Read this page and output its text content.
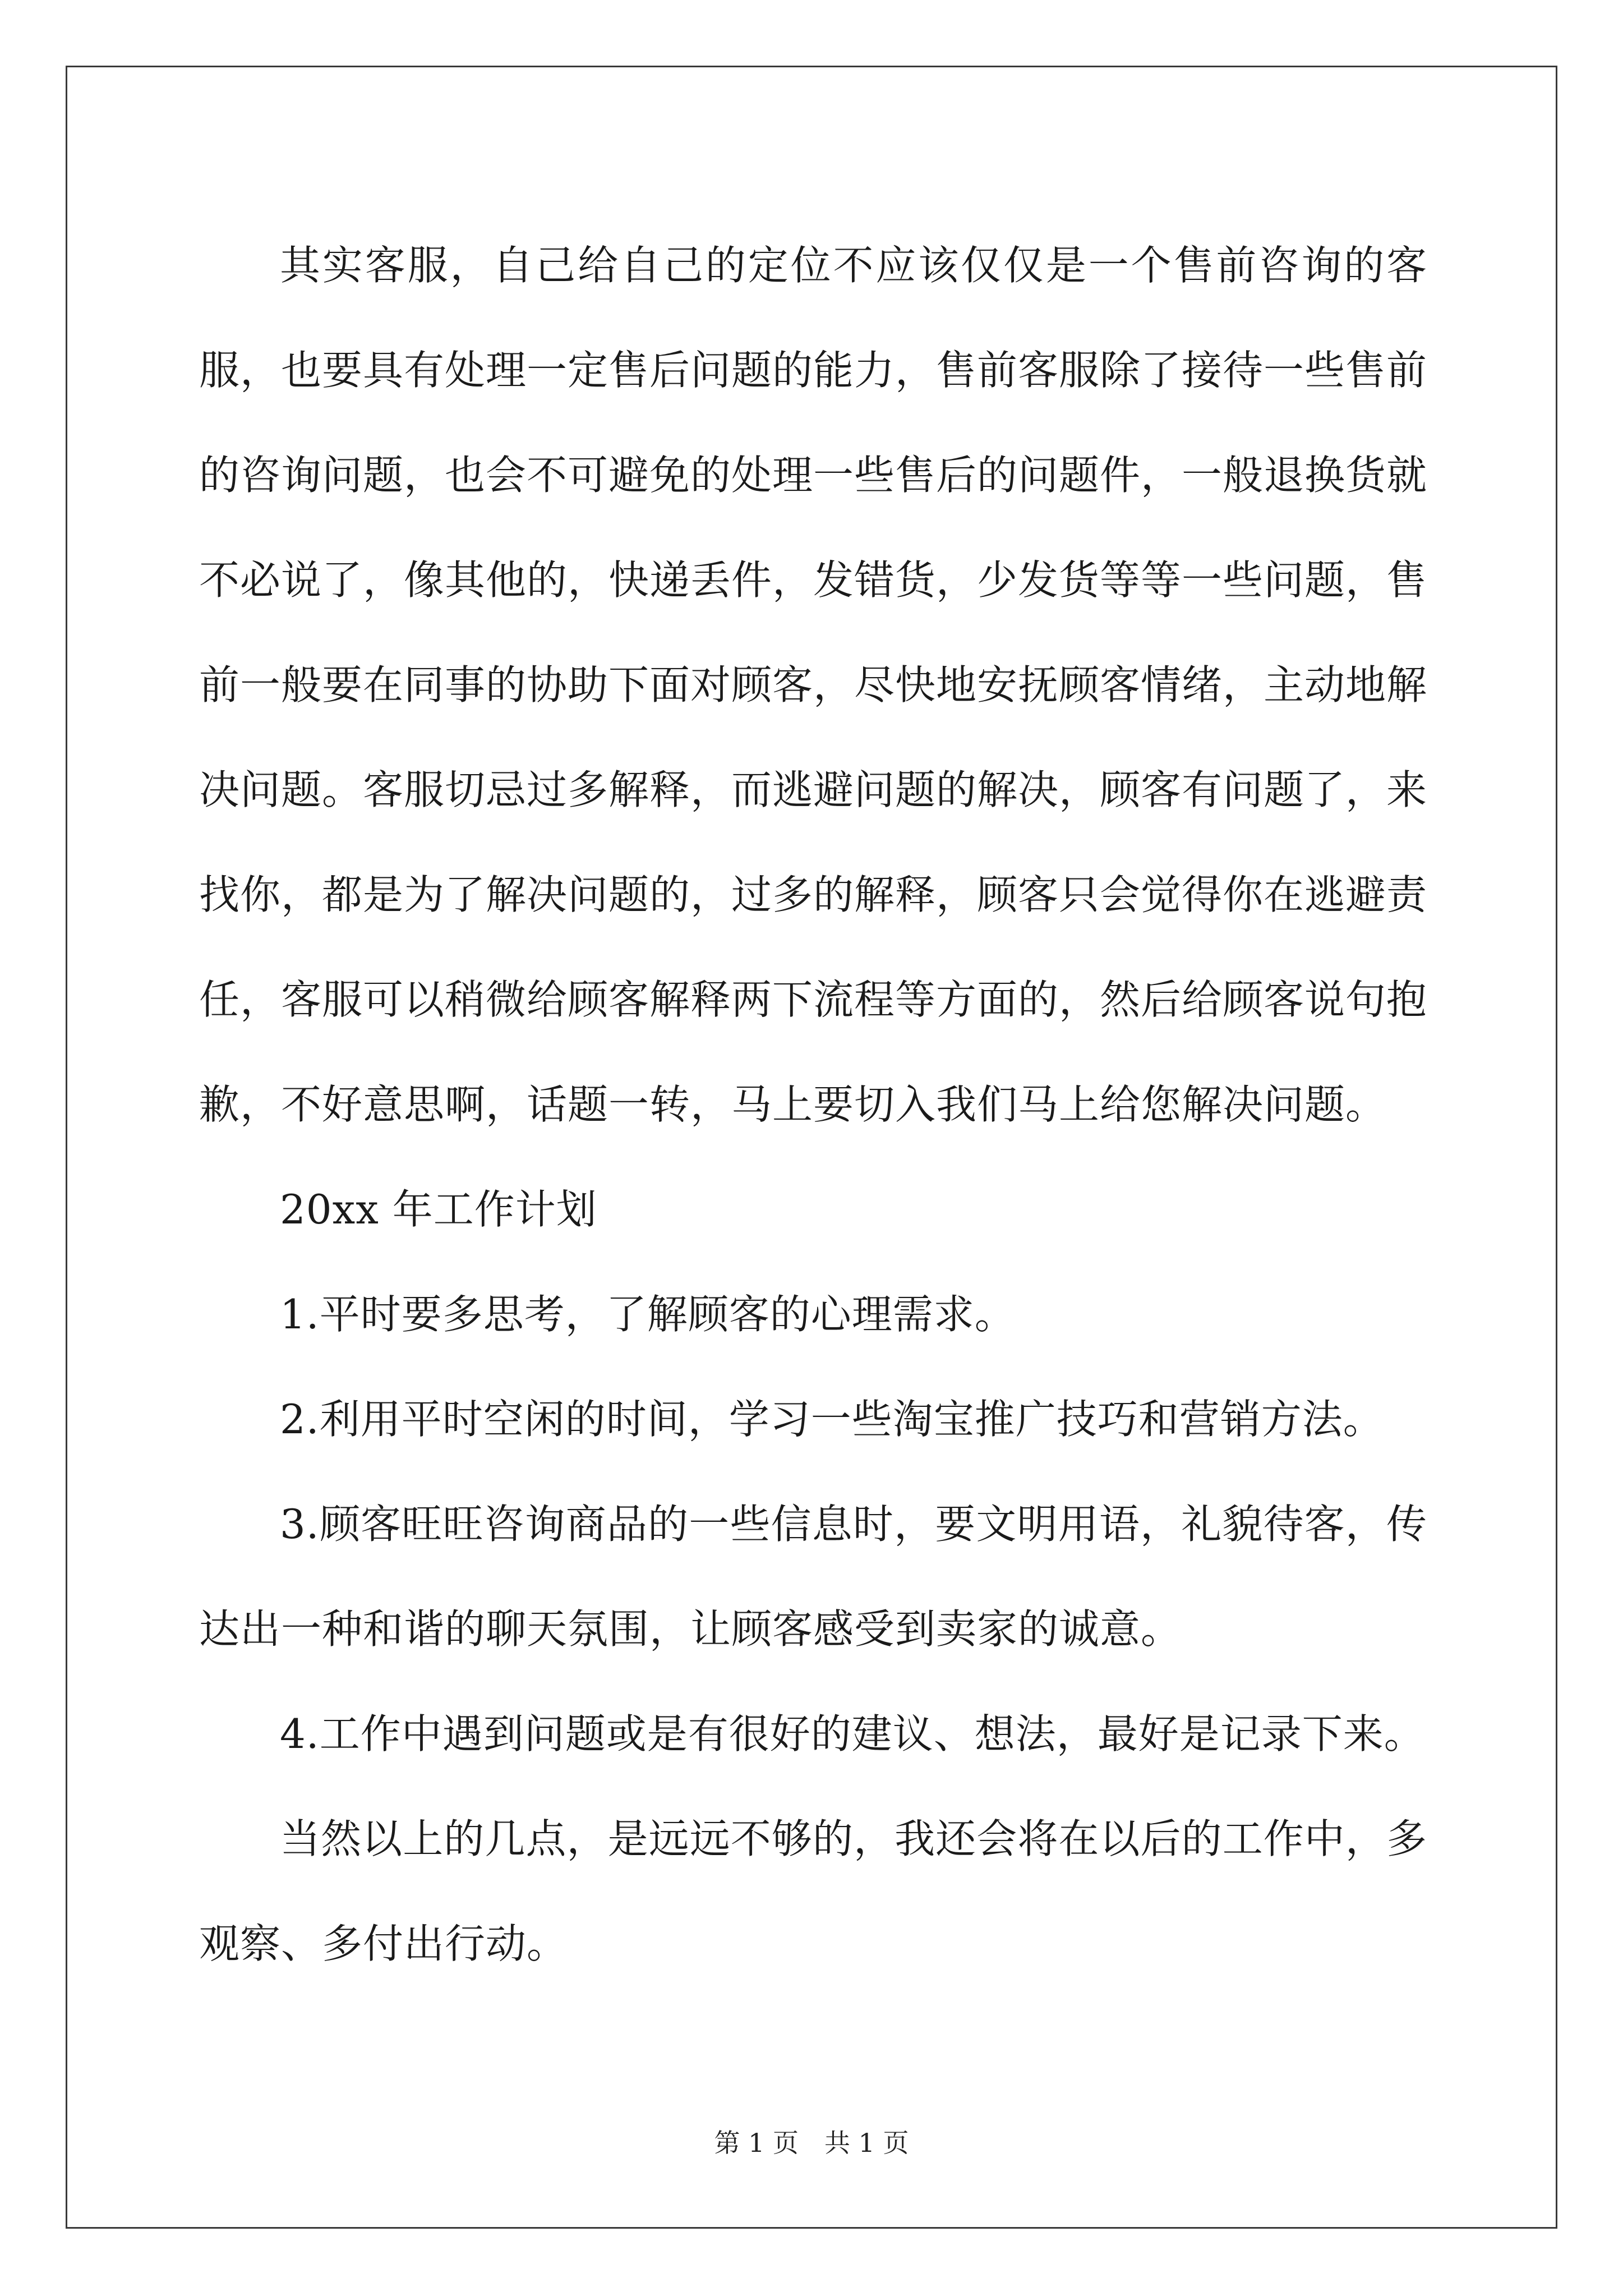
其实客服，自己给自己的定位不应该仅仅是一个售前咨询的客服，也要具有处理一定售后问题的能力，售前客服除了接待一些售前的咨询问题，也会不可避免的处理一些售后的问题件，一般退换货就不必说了，像其他的，快递丢件，发错货，少发货等等一些问题，售前一般要在同事的协助下面对顾客，尽快地安抚顾客情绪，主动地解决问题。客服切忌过多解释，而逃避问题的解决，顾客有问题了，来找你，都是为了解决问题的，过多的解释，顾客只会觉得你在逃避责任，客服可以稍微给顾客解释两下流程等方面的，然后给顾客说句抱歉，不好意思啊，话题一转，马上要切入我们马上给您解决问题。

20xx 年工作计划

1.平时要多思考，了解顾客的心理需求。

2.利用平时空闲的时间，学习一些淘宝推广技巧和营销方法。

3.顾客旺旺咨询商品的一些信息时，要文明用语，礼貌待客，传达出一种和谐的聊天氛围，让顾客感受到卖家的诚意。

4.工作中遇到问题或是有很好的建议、想法，最好是记录下来。

当然以上的几点，是远远不够的，我还会将在以后的工作中，多观察、多付出行动。

第 1 页 共 1 页
